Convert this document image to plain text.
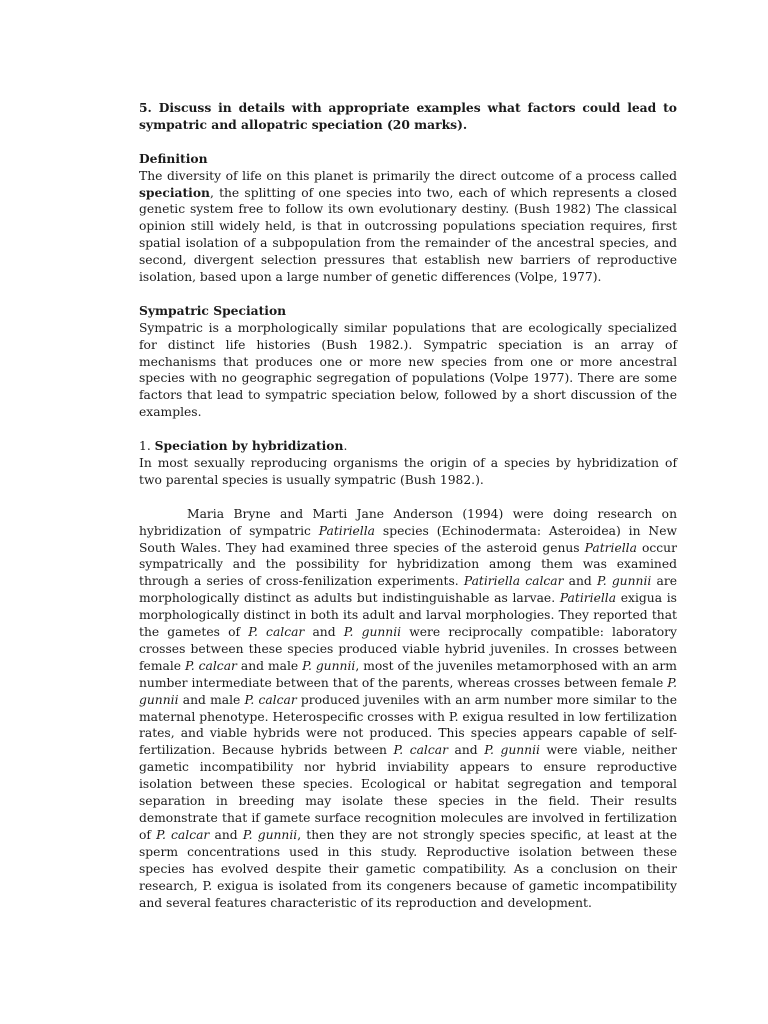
5. Discuss in details with appropriate examples what factors could lead to sympatric and allopatric speciation (20 marks).

Definition

The diversity of life on this planet is primarily the direct outcome of a process called speciation, the splitting of one species into two, each of which represents a closed genetic system free to follow its own evolutionary destiny. (Bush 1982) The classical opinion still widely held, is that in outcrossing populations speciation requires, first spatial isolation of a subpopulation from the remainder of the ancestral species, and second, divergent selection pressures that establish new barriers of reproductive isolation, based upon a large number of genetic differences (Volpe, 1977).

Sympatric Speciation

Sympatric is a morphologically similar populations that are ecologically specialized for distinct life histories (Bush 1982.). Sympatric speciation is an array of mechanisms that produces one or more new species from one or more ancestral species with no geographic segregation of populations (Volpe 1977). There are some factors that lead to sympatric speciation below, followed by a short discussion of the examples.

1. Speciation by hybridization.

In most sexually reproducing organisms the origin of a species by hybridization of two parental species is usually sympatric (Bush 1982.).

Maria Bryne and Marti Jane Anderson (1994) were doing research on hybridization of sympatric Patiriella species (Echinodermata: Asteroidea) in New South Wales. They had examined three species of the asteroid genus Patriella occur sympatrically and the possibility for hybridization among them was examined through a series of cross-fenilization experiments. Patiriella calcar and P. gunnii are morphologically distinct as adults but indistinguishable as larvae. Patiriella exigua is morphologically distinct in both its adult and larval morphologies. They reported that the gametes of P. calcar and P. gunnii were reciprocally compatible: laboratory crosses between these species produced viable hybrid juveniles. In crosses between female P. calcar and male P. gunnii, most of the juveniles metamorphosed with an arm number intermediate between that of the parents, whereas crosses between female P. gunnii and male P. calcar produced juveniles with an arm number more similar to the maternal phenotype. Heterospecific crosses with P. exigua resulted in low fertilization rates, and viable hybrids were not produced. This species appears capable of self-fertilization. Because hybrids between P. calcar and P. gunnii were viable, neither gametic incompatibility nor hybrid inviability appears to ensure reproductive isolation between these species. Ecological or habitat segregation and temporal separation in breeding may isolate these species in the field. Their results demonstrate that if gamete surface recognition molecules are involved in fertilization of P. calcar and P. gunnii, then they are not strongly species specific, at least at the sperm concentrations used in this study. Reproductive isolation between these species has evolved despite their gametic compatibility. As a conclusion on their research, P. exigua is isolated from its congeners because of gametic incompatibility and several features characteristic of its reproduction and development.
